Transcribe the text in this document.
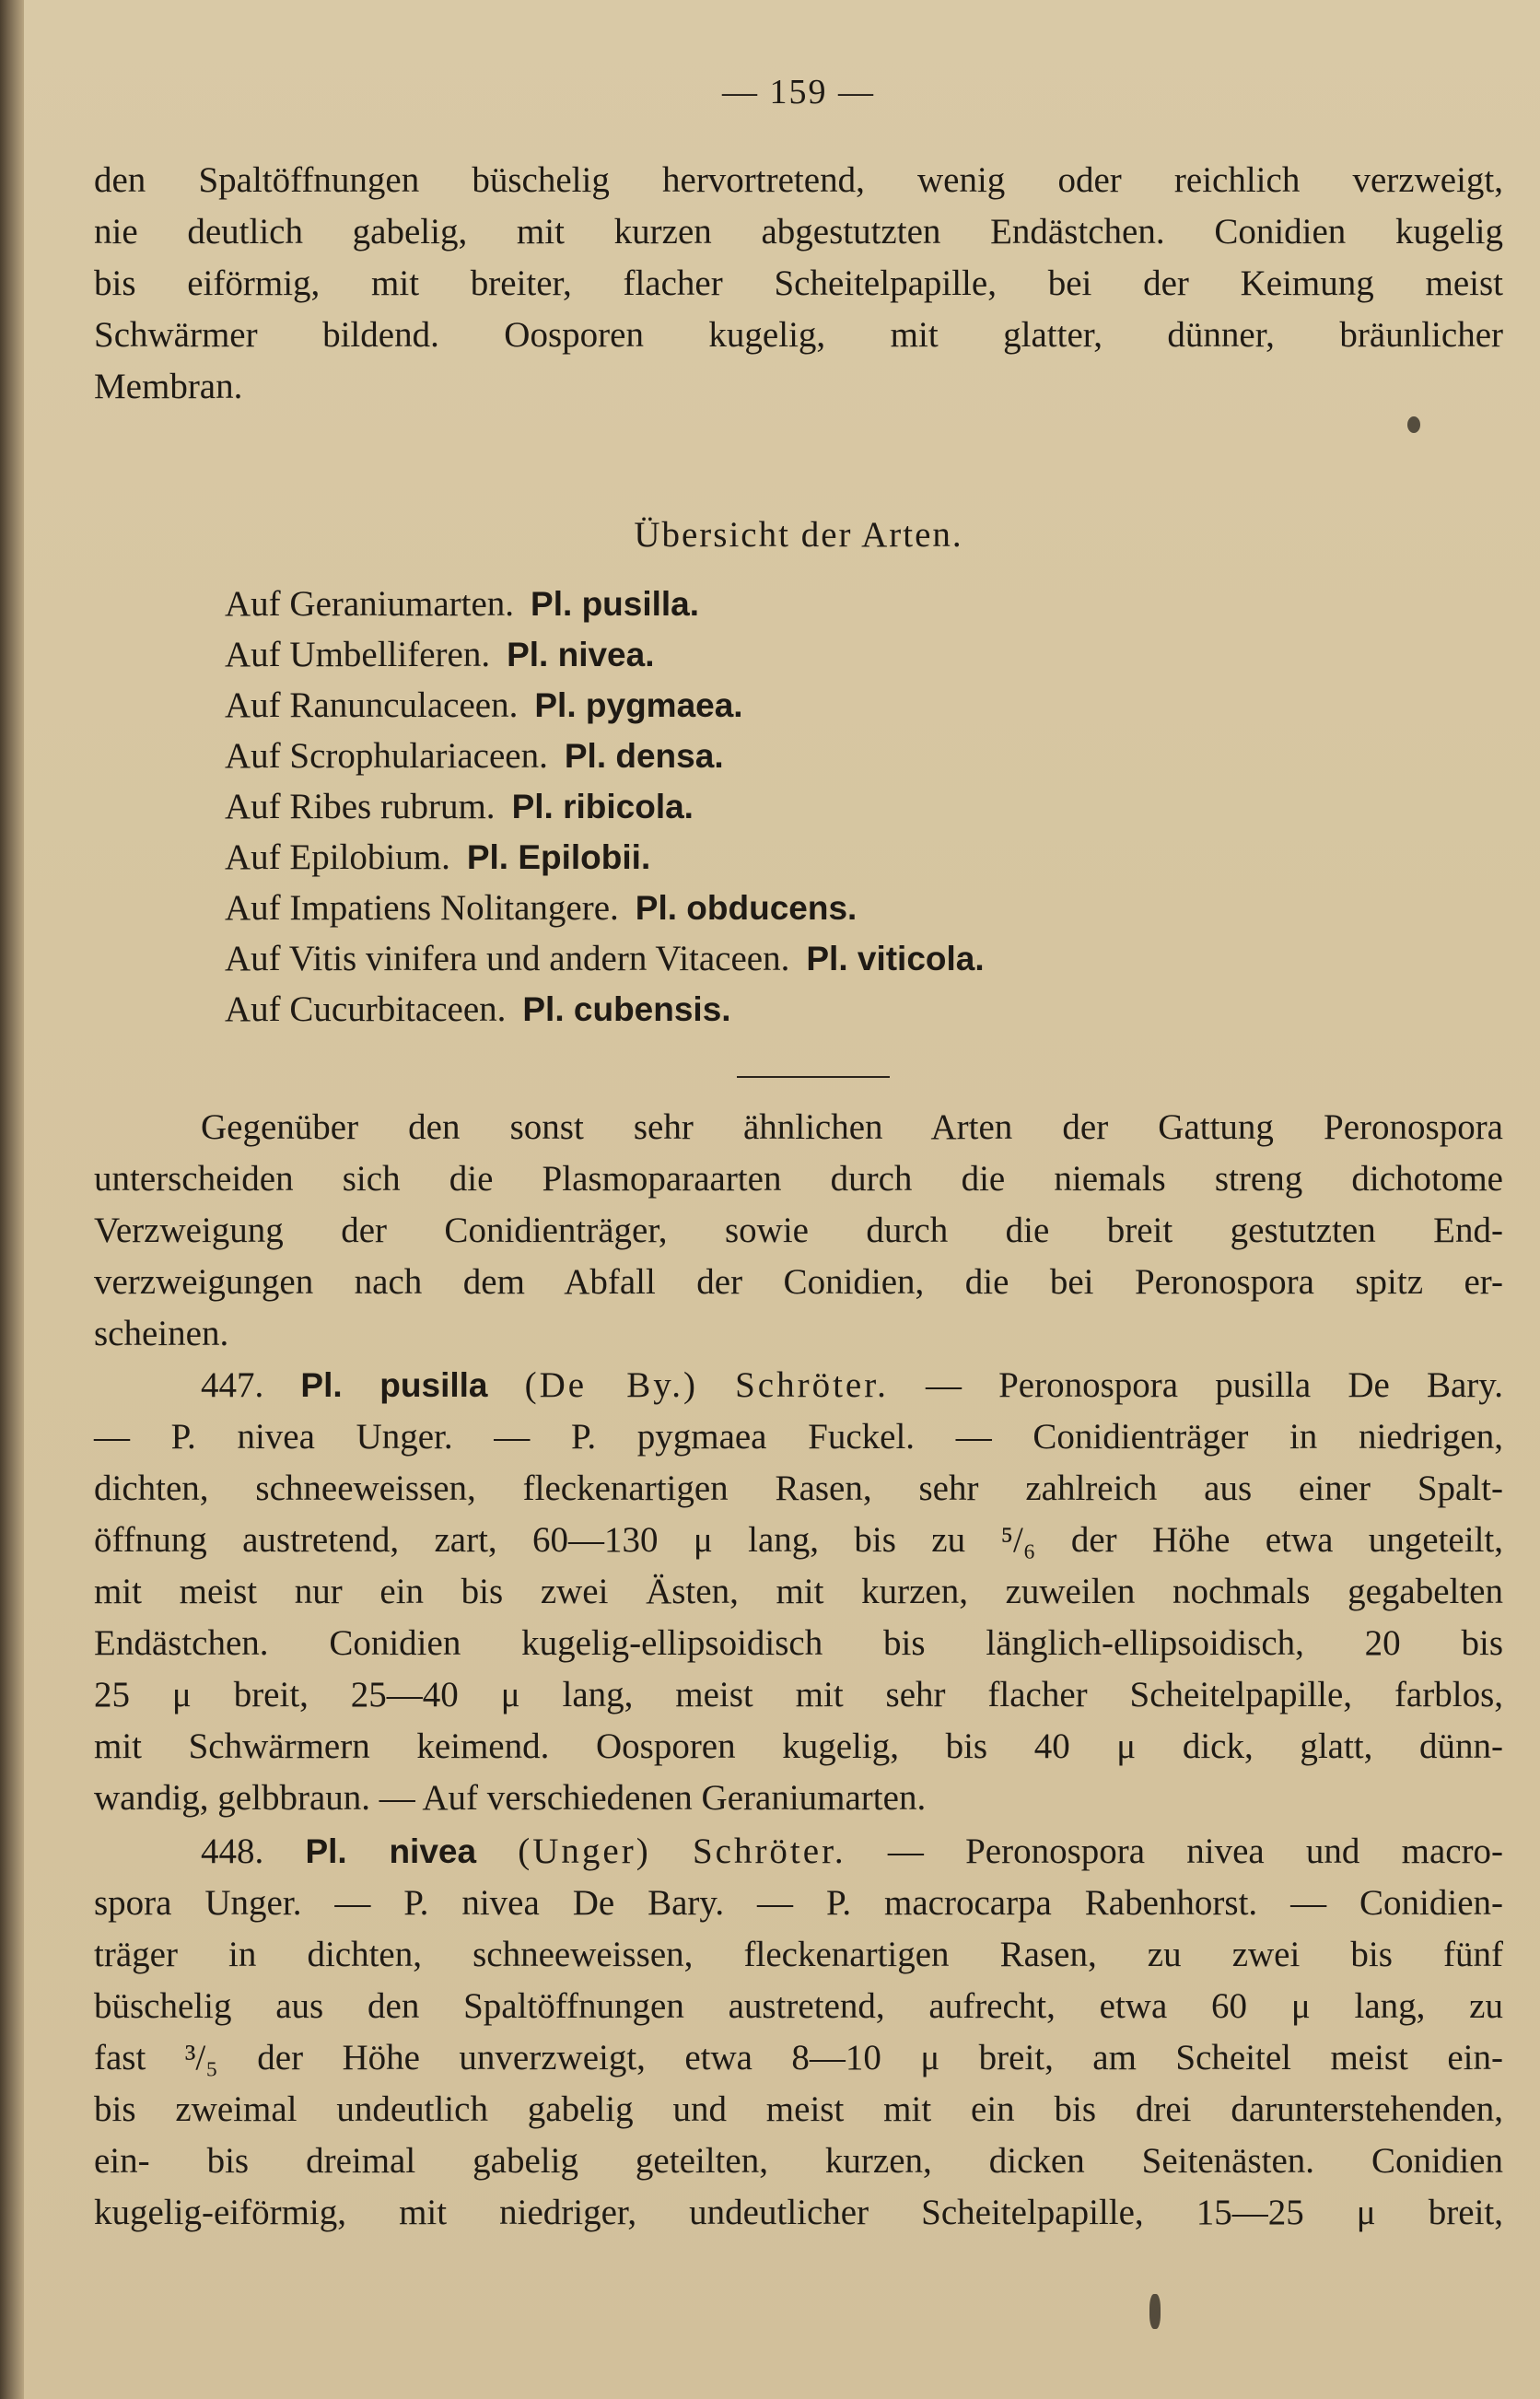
— 159 —
den Spaltöffnungen büschelig hervortretend, wenig oder reichlich verzweigt,
nie deutlich gabelig, mit kurzen abgestutzten Endästchen. Conidien kugelig
bis eiförmig, mit breiter, flacher Scheitelpapille, bei der Keimung meist
Schwärmer bildend. Oosporen kugelig, mit glatter, dünner, bräunlicher
Membran.
Übersicht der Arten.
Auf Geraniumarten. Pl. pusilla.
Auf Umbelliferen. Pl. nivea.
Auf Ranunculaceen. Pl. pygmaea.
Auf Scrophulariaceen. Pl. densa.
Auf Ribes rubrum. Pl. ribicola.
Auf Epilobium. Pl. Epilobii.
Auf Impatiens Nolitangere. Pl. obducens.
Auf Vitis vinifera und andern Vitaceen. Pl. viticola.
Auf Cucurbitaceen. Pl. cubensis.
Gegenüber den sonst sehr ähnlichen Arten der Gattung Peronospora
unterscheiden sich die Plasmoparaarten durch die niemals streng dichotome
Verzweigung der Conidienträger, sowie durch die breit gestutzten End-
verzweigungen nach dem Abfall der Conidien, die bei Peronospora spitz er-
scheinen.
447. Pl. pusilla (De By.) Schröter. — Peronospora pusilla De Bary.
— P. nivea Unger. — P. pygmaea Fuckel. — Conidienträger in niedrigen,
dichten, schneeweissen, fleckenartigen Rasen, sehr zahlreich aus einer Spalt-
öffnung austretend, zart, 60—130 μ lang, bis zu ⁵/₆ der Höhe etwa ungeteilt,
mit meist nur ein bis zwei Ästen, mit kurzen, zuweilen nochmals gegabelten
Endästchen. Conidien kugelig-ellipsoidisch bis länglich-ellipsoidisch, 20 bis
25 μ breit, 25—40 μ lang, meist mit sehr flacher Scheitelpapille, farblos,
mit Schwärmern keimend. Oosporen kugelig, bis 40 μ dick, glatt, dünn-
wandig, gelbbraun. — Auf verschiedenen Geraniumarten.
448. Pl. nivea (Unger) Schröter. — Peronospora nivea und macro-
spora Unger. — P. nivea De Bary. — P. macrocarpa Rabenhorst. — Conidien-
träger in dichten, schneeweissen, fleckenartigen Rasen, zu zwei bis fünf
büschelig aus den Spaltöffnungen austretend, aufrecht, etwa 60 μ lang, zu
fast ³/₅ der Höhe unverzweigt, etwa 8—10 μ breit, am Scheitel meist ein-
bis zweimal undeutlich gabelig und meist mit ein bis drei darunterstehenden,
ein- bis dreimal gabelig geteilten, kurzen, dicken Seitenästen. Conidien
kugelig-eiförmig, mit niedriger, undeutlicher Scheitelpapille, 15—25 μ breit,
